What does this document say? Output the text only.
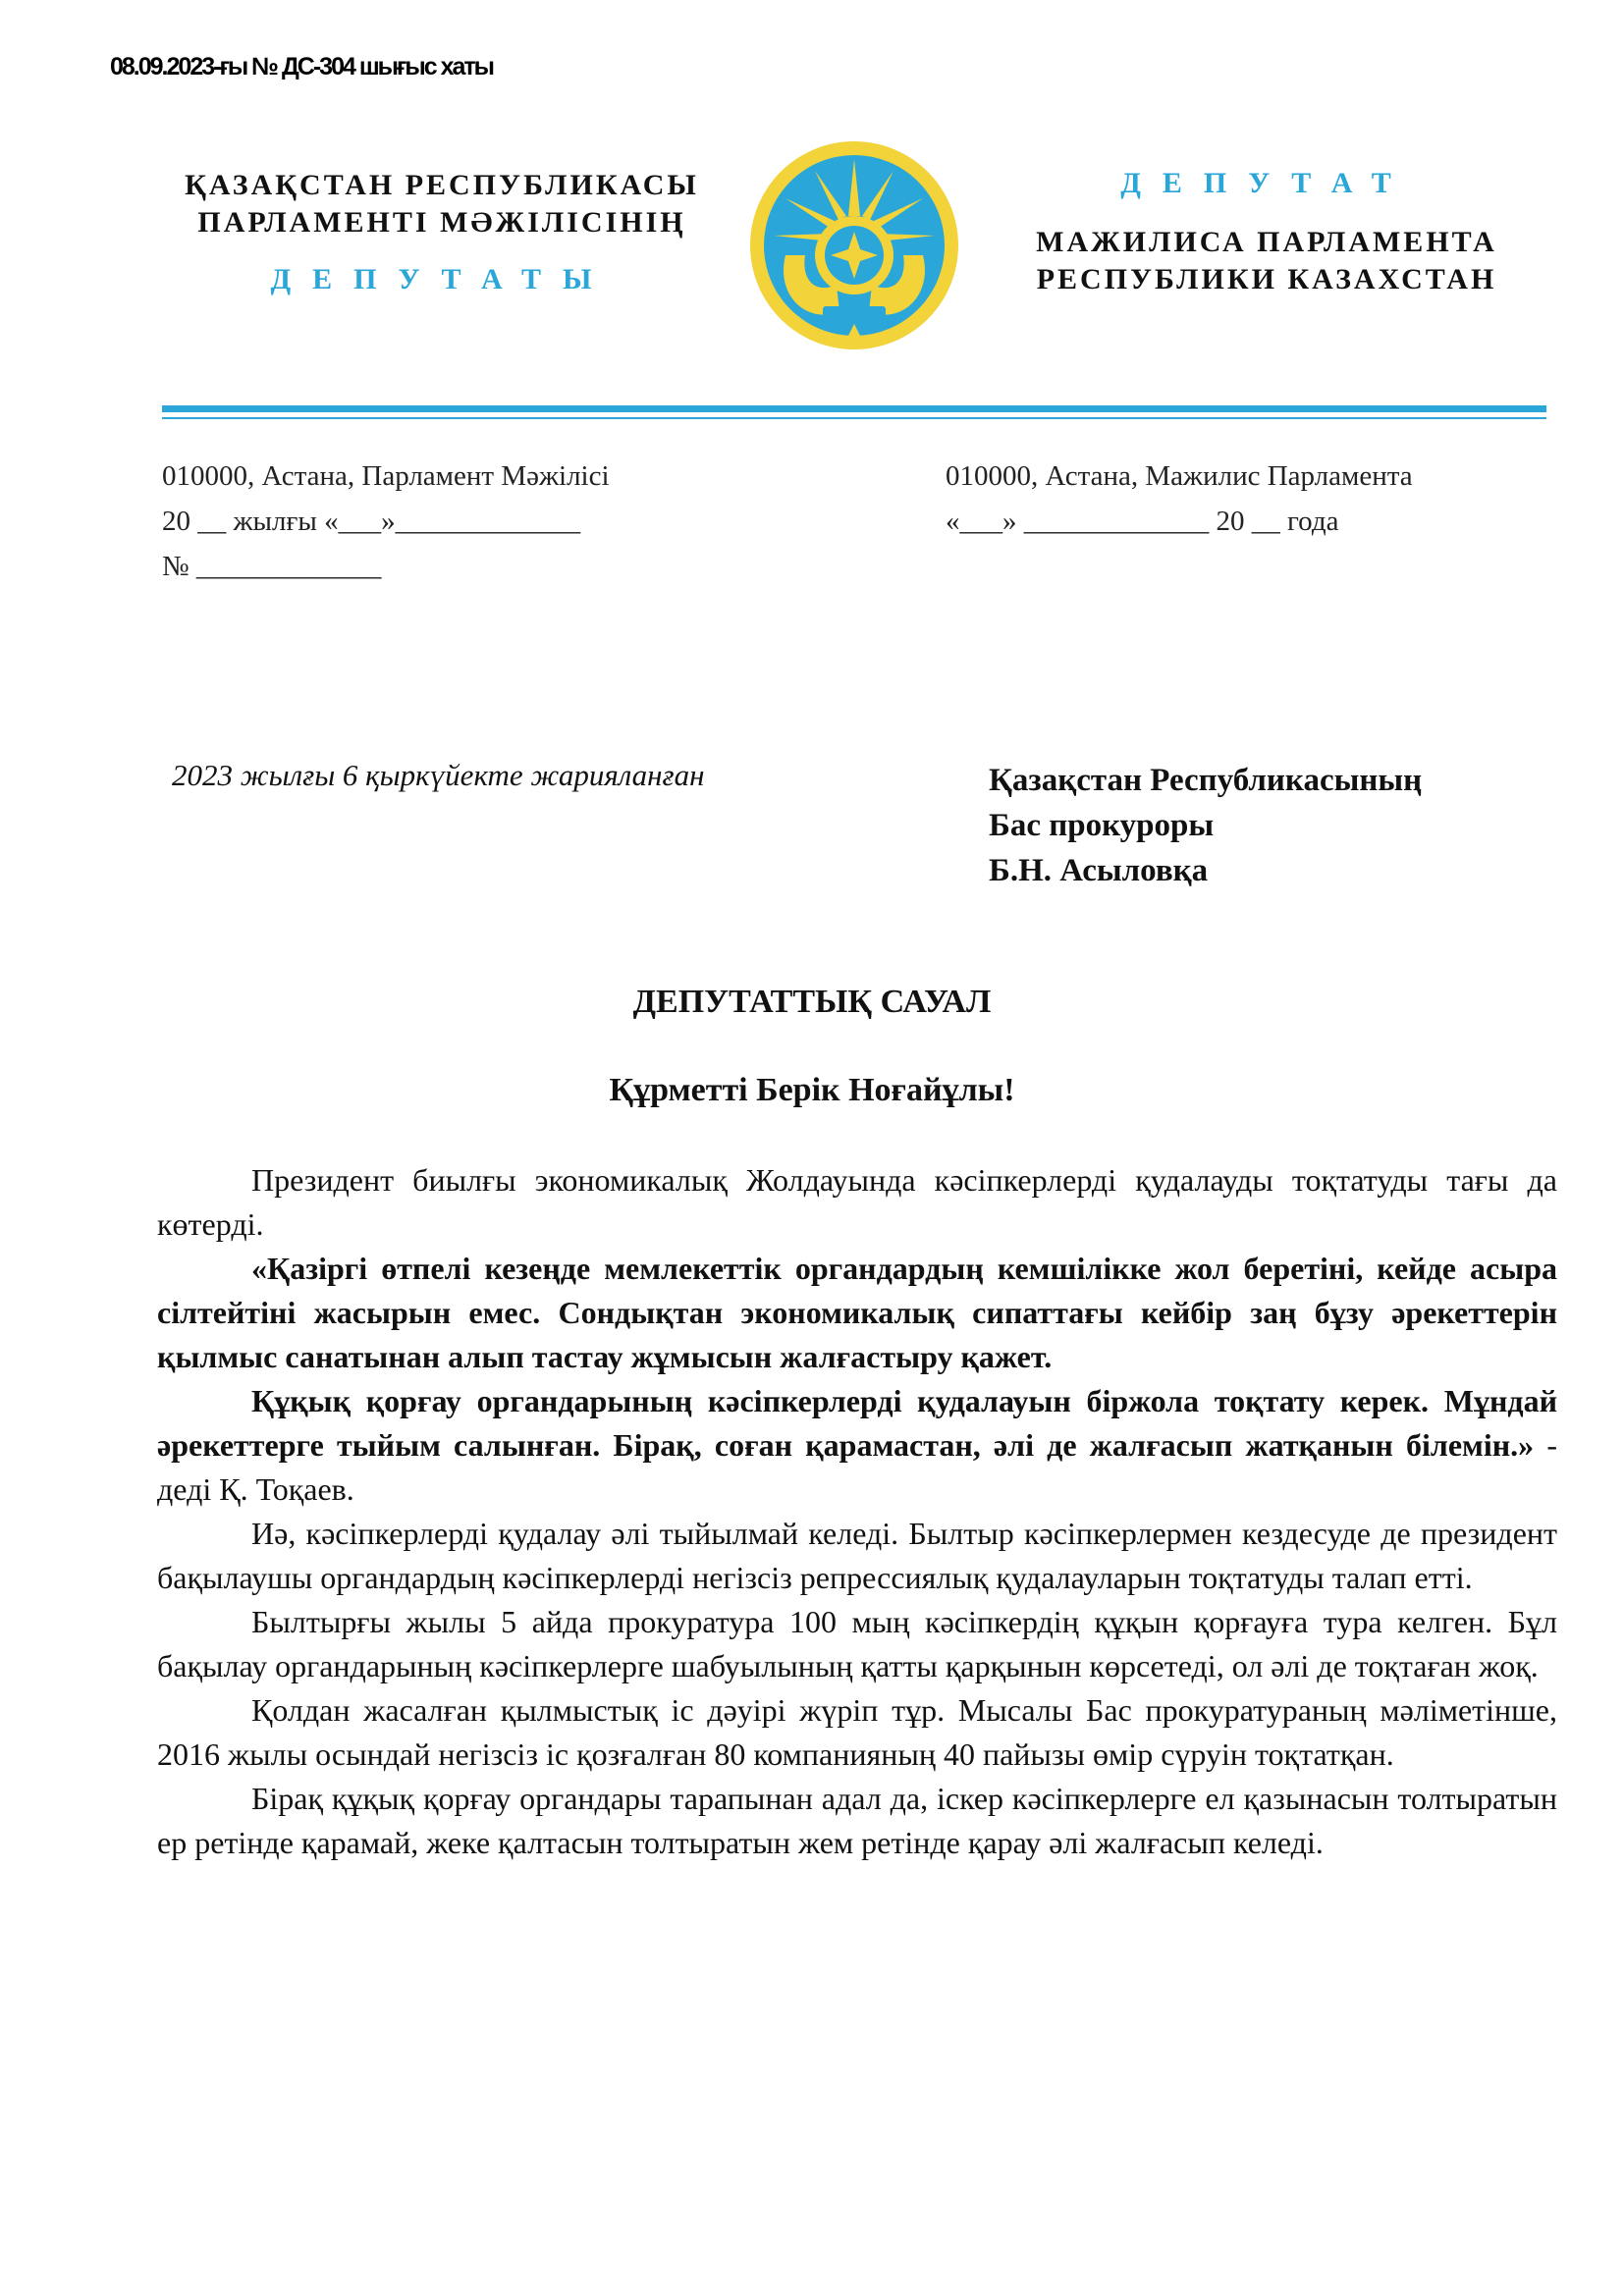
08.09.2023-ғы № ДС-304 шығыс хаты
ҚАЗАҚСТАН РЕСПУБЛИКАСЫ
ПАРЛАМЕНТІ МӘЖІЛІСІНІҢ
ДЕПУТАТЫ
ДЕПУТАТ
МАЖИЛИСА ПАРЛАМЕНТА
РЕСПУБЛИКИ КАЗАХСТАН
010000, Астана, Парламент Мәжілісі
20 __ жылғы «___»_____________
№ _____________
010000, Астана, Мажилис Парламента
«___» _____________ 20 __ года
2023 жылғы 6 қыркүйекте жарияланған	Қазақстан Республикасының
Бас прокуроры
Б.Н. Асыловқа
ДЕПУТАТТЫҚ САУАЛ
Құрметті Берік Ноғайұлы!

Президент биылғы экономикалық Жолдауында кәсіпкерлерді қудалауды тоқтатуды тағы да көтерді.

«Қазіргі өтпелі кезеңде мемлекеттік органдардың кемшілікке жол беретіні, кейде асыра сілтейтіні жасырын емес. Сондықтан экономикалық сипаттағы кейбір заң бұзу әрекеттерін қылмыс санатынан алып тастау жұмысын жалғастыру қажет.

Құқық қорғау органдарының кәсіпкерлерді қудалауын біржола тоқтату керек. Мұндай әрекеттерге тыйым салынған. Бірақ, соған қарамастан, әлі де жалғасып жатқанын білемін.» - деді Қ. Тоқаев.

Иә, кәсіпкерлерді қудалау әлі тыйылмай келеді. Былтыр кәсіпкерлермен кездесуде де президент бақылаушы органдардың кәсіпкерлерді негізсіз репрессиялық қудалауларын тоқтатуды талап етті.

Былтырғы жылы 5 айда прокуратура 100 мың кәсіпкердің құқын қорғауға тура келген. Бұл бақылау органдарының кәсіпкерлерге шабуылының қатты қарқынын көрсетеді, ол әлі де тоқтаған жоқ.

Қолдан жасалған қылмыстық іс дәуірі жүріп тұр. Мысалы Бас прокуратураның мәліметінше, 2016 жылы осындай негізсіз іс қозғалған 80 компанияның 40 пайызы өмір сүруін тоқтатқан.

Бірақ құқық қорғау органдары тарапынан адал да, іскер кәсіпкерлерге ел қазынасын толтыратын ер ретінде қарамай, жеке қалтасын толтыратын жем ретінде қарау әлі жалғасып келеді.
